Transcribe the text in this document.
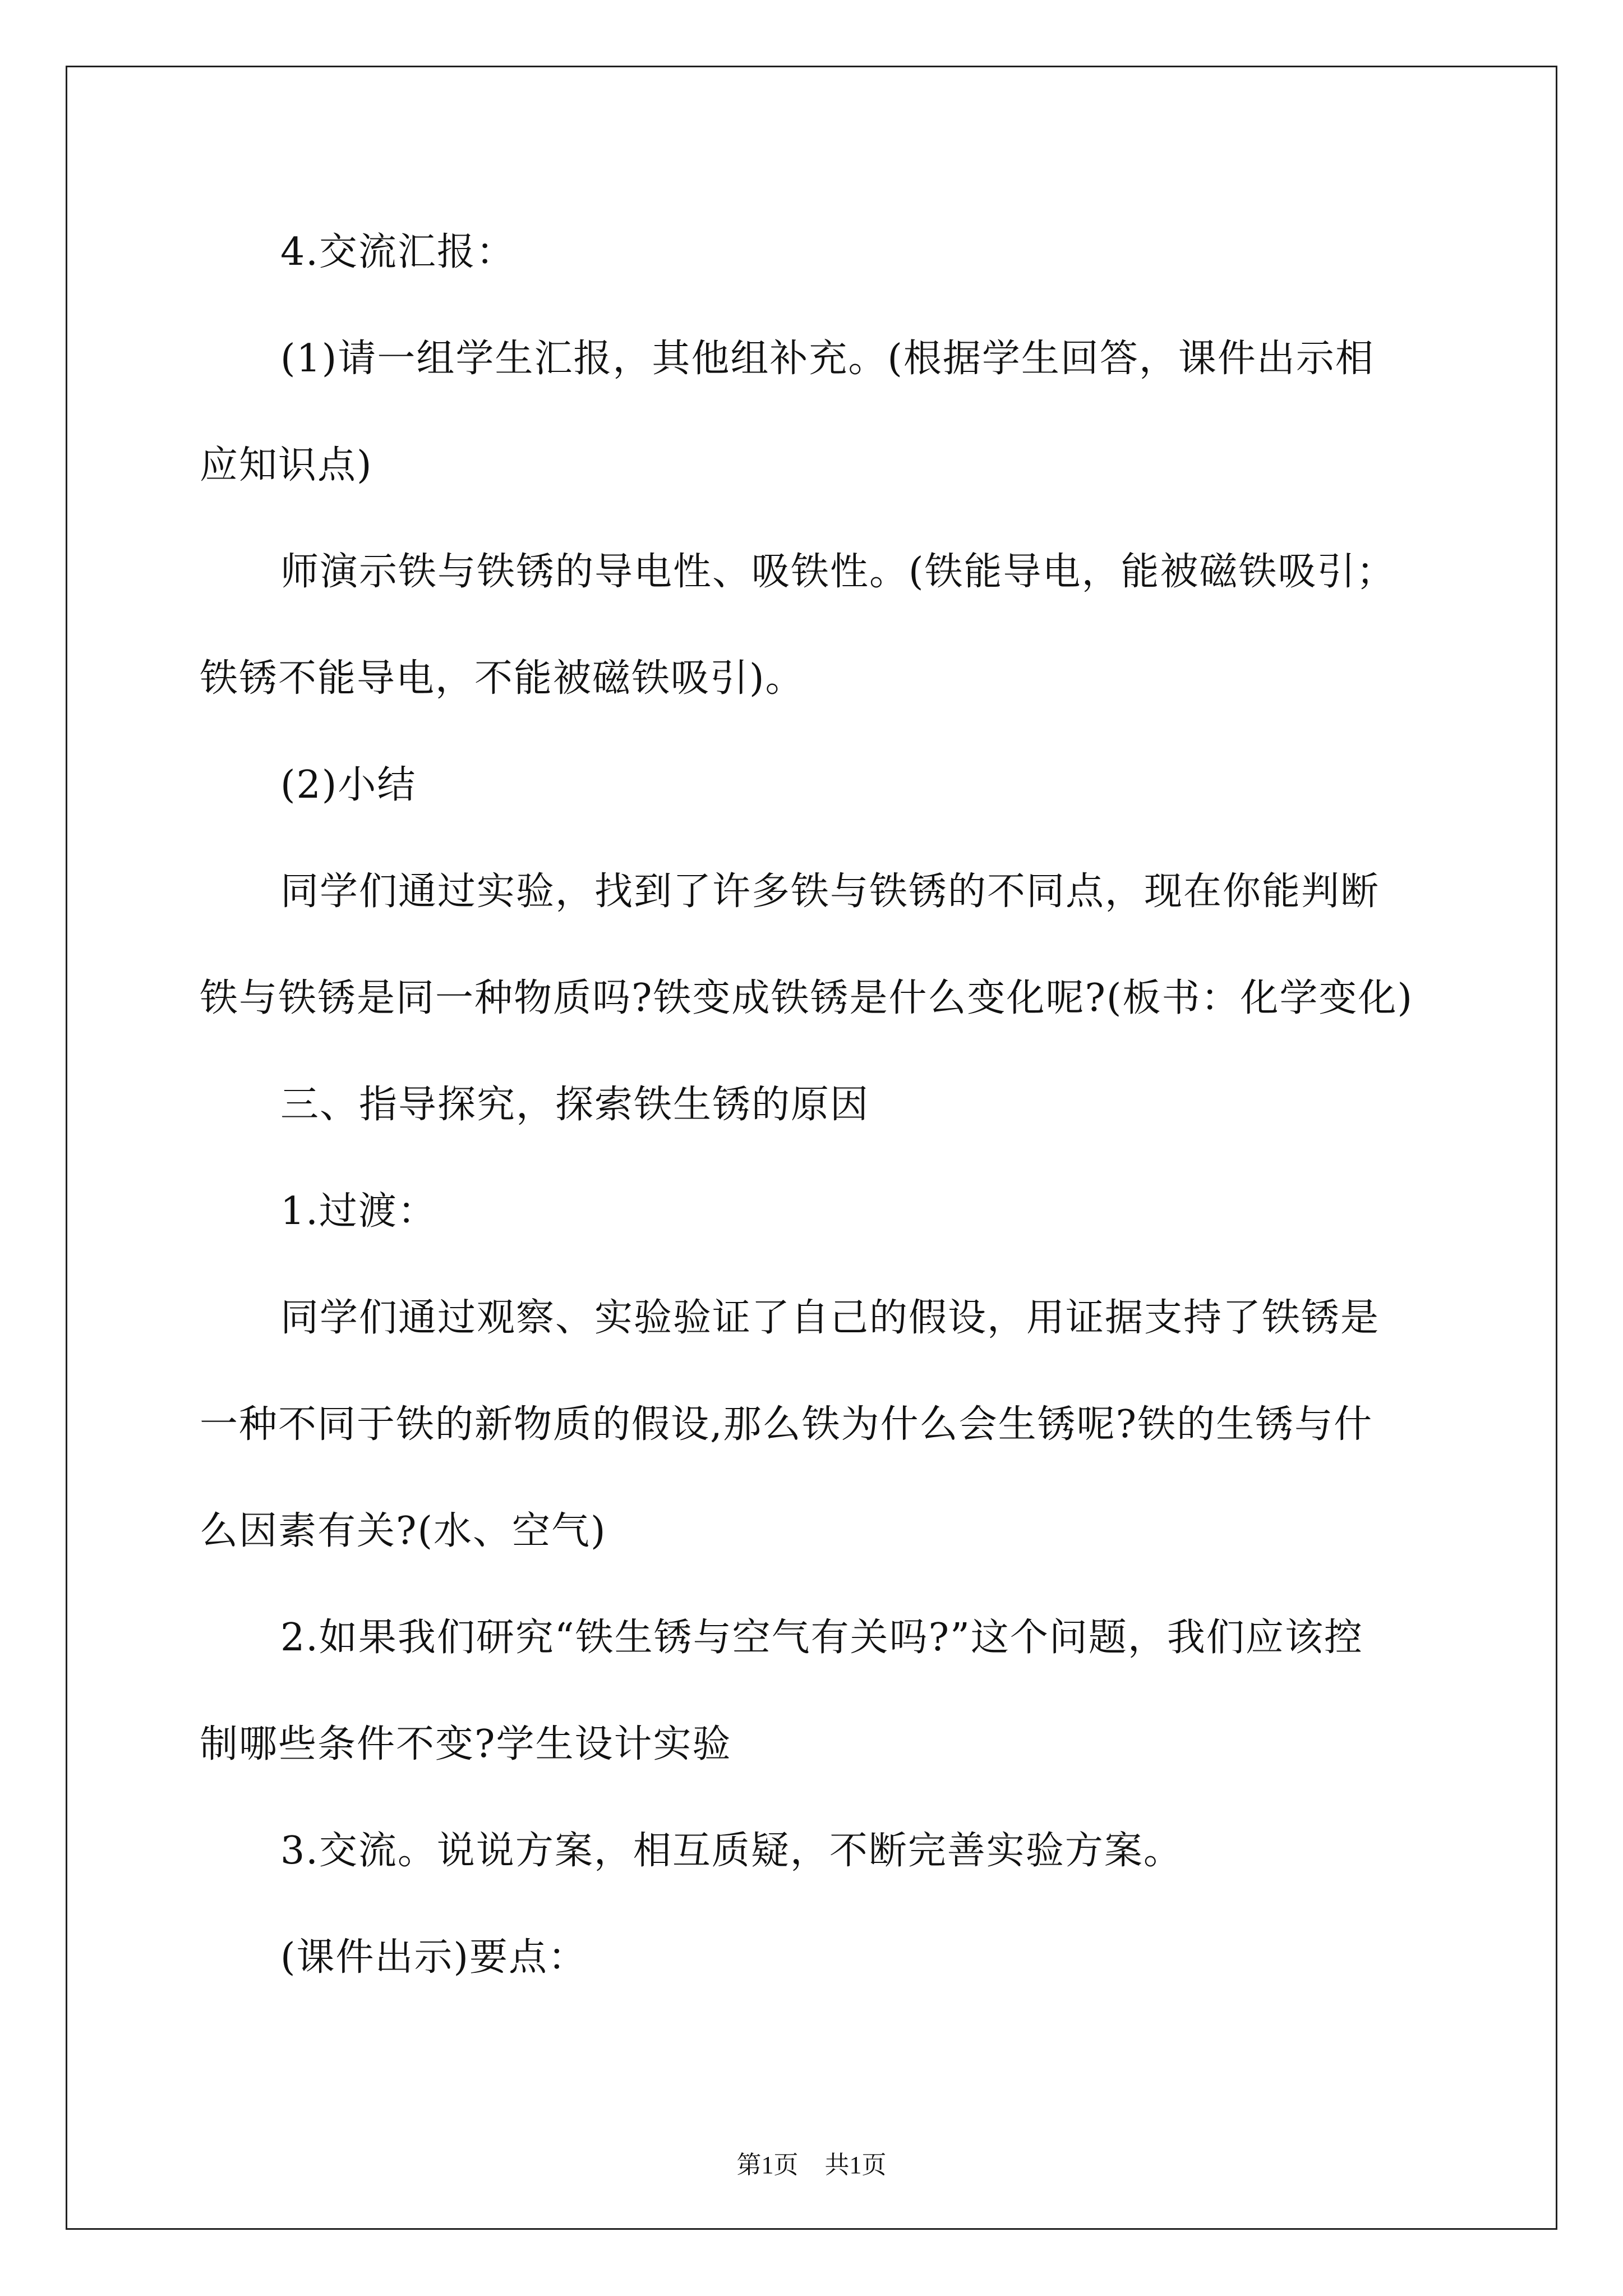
4.交流汇报：
(1)请一组学生汇报，其他组补充。(根据学生回答，课件出示相
应知识点)
师演示铁与铁锈的导电性、吸铁性。(铁能导电，能被磁铁吸引；
铁锈不能导电，不能被磁铁吸引)。
(2)小结
同学们通过实验，找到了许多铁与铁锈的不同点，现在你能判断
铁与铁锈是同一种物质吗?铁变成铁锈是什么变化呢?(板书：化学变化)
三、指导探究，探索铁生锈的原因
1.过渡：
同学们通过观察、实验验证了自己的假设，用证据支持了铁锈是
一种不同于铁的新物质的假设,那么铁为什么会生锈呢?铁的生锈与什
么因素有关?(水、空气)
2.如果我们研究“铁生锈与空气有关吗?”这个问题，我们应该控
制哪些条件不变?学生设计实验
3.交流。说说方案，相互质疑，不断完善实验方案。
(课件出示)要点：
第1页 共1页
